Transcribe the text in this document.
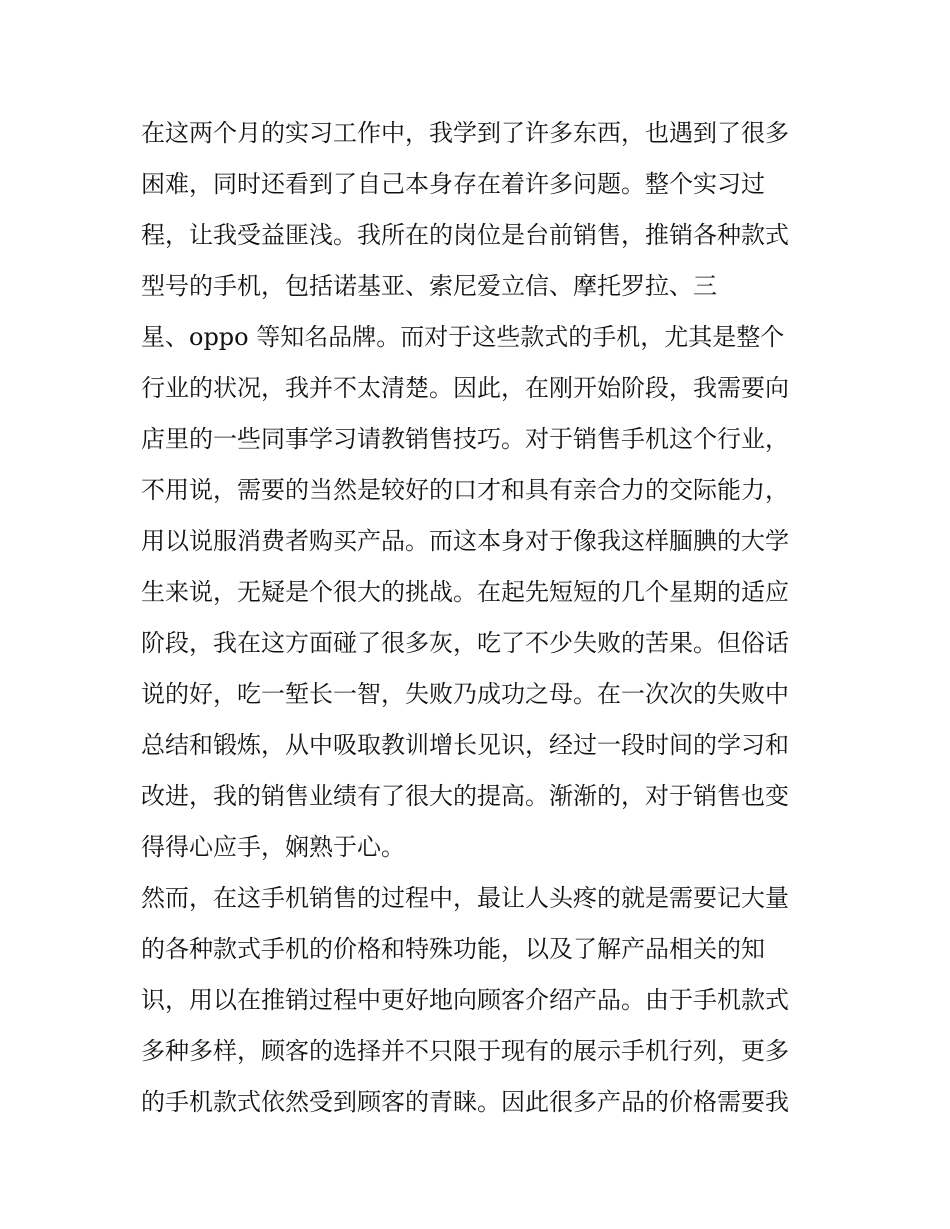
在这两个月的实习工作中，我学到了许多东西，也遇到了很多
困难，同时还看到了自己本身存在着许多问题。整个实习过
程，让我受益匪浅。我所在的岗位是台前销售，推销各种款式
型号的手机，包括诺基亚、索尼爱立信、摩托罗拉、三
星、oppo 等知名品牌。而对于这些款式的手机，尤其是整个
行业的状况，我并不太清楚。因此，在刚开始阶段，我需要向
店里的一些同事学习请教销售技巧。对于销售手机这个行业，
不用说，需要的当然是较好的口才和具有亲合力的交际能力，
用以说服消费者购买产品。而这本身对于像我这样腼腆的大学
生来说，无疑是个很大的挑战。在起先短短的几个星期的适应
阶段，我在这方面碰了很多灰，吃了不少失败的苦果。但俗话
说的好，吃一堑长一智，失败乃成功之母。在一次次的失败中
总结和锻炼，从中吸取教训增长见识，经过一段时间的学习和
改进，我的销售业绩有了很大的提高。渐渐的，对于销售也变
得得心应手，娴熟于心。
然而，在这手机销售的过程中，最让人头疼的就是需要记大量
的各种款式手机的价格和特殊功能，以及了解产品相关的知
识，用以在推销过程中更好地向顾客介绍产品。由于手机款式
多种多样，顾客的选择并不只限于现有的展示手机行列，更多
的手机款式依然受到顾客的青睐。因此很多产品的价格需要我
